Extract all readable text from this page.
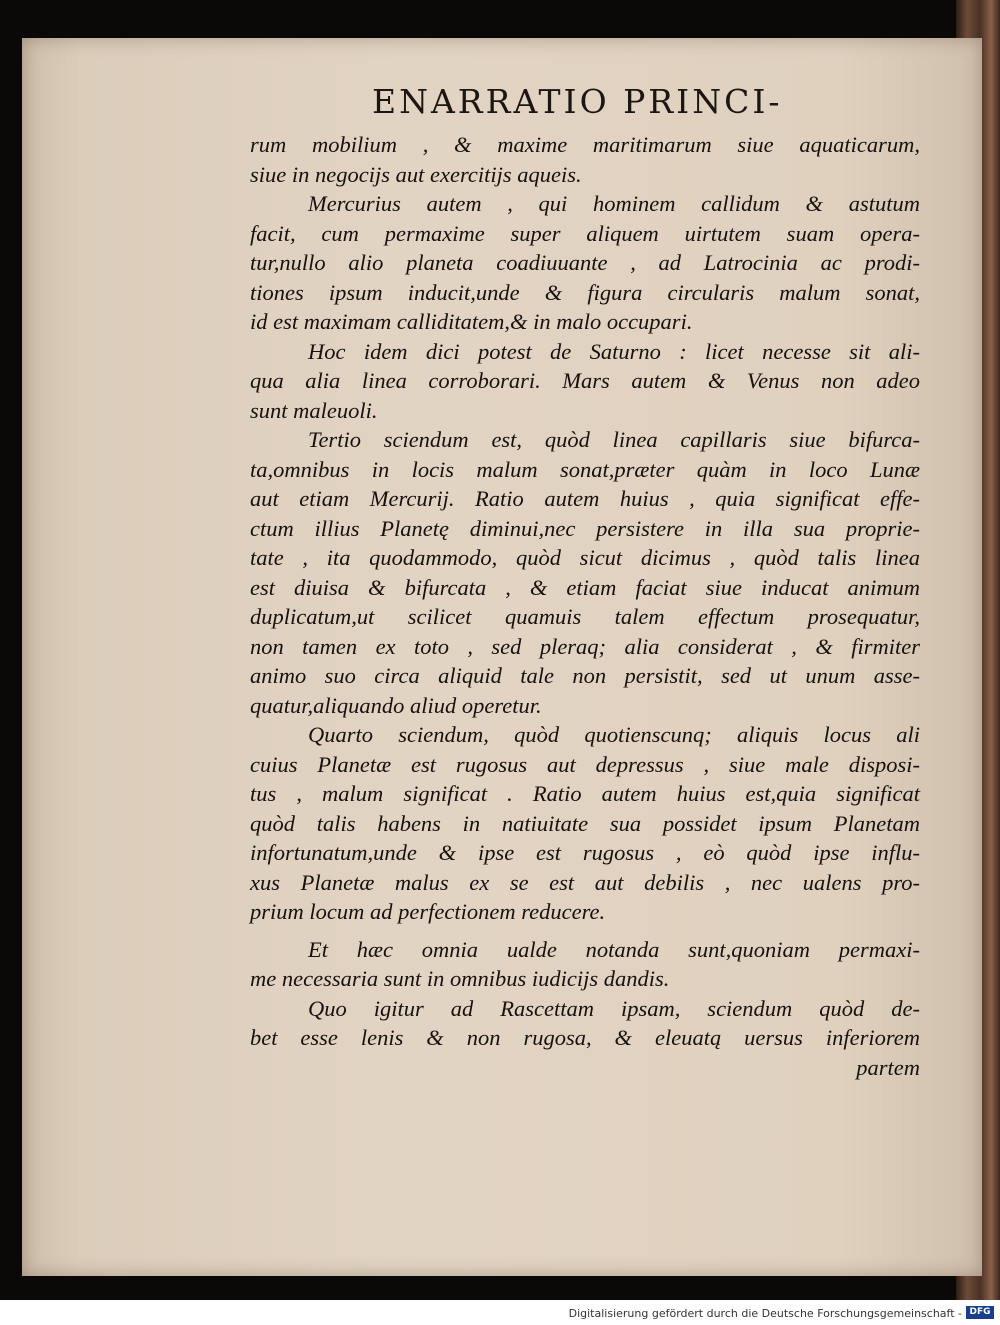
ENARRATIO PRINCI-
rum mobilium , & maxime maritimarum siue aquaticarum,
siue in negocijs aut exercitijs aqueis.
Mercurius autem , qui hominem callidum & astutum
facit, cum permaxime super aliquem uirtutem suam opera-
tur,nullo alio planeta coadiuuante , ad Latrocinia ac prodi-
tiones ipsum inducit,unde & figura circularis malum sonat,
id est maximam calliditatem,& in malo occupari.
Hoc idem dici potest de Saturno : licet necesse sit ali-
qua alia linea corroborari. Mars autem & Venus non adeo
sunt maleuoli.
Tertio sciendum est, quòd linea capillaris siue bifurca-
ta,omnibus in locis malum sonat,præter quàm in loco Lunæ
aut etiam Mercurij. Ratio autem huius , quia significat effe-
ctum illius Planetę diminui,nec persistere in illa sua proprie-
tate , ita quodammodo, quòd sicut dicimus , quòd talis linea
est diuisa & bifurcata , & etiam faciat siue inducat animum
duplicatum,ut scilicet quamuis talem effectum prosequatur,
non tamen ex toto , sed pleraq; alia considerat , & firmiter
animo suo circa aliquid tale non persistit, sed ut unum asse-
quatur,aliquando aliud operetur.
Quarto sciendum, quòd quotienscunq; aliquis locus ali
cuius Planetæ est rugosus aut depressus , siue male disposi-
tus , malum significat . Ratio autem huius est,quia significat
quòd talis habens in natiuitate sua possidet ipsum Planetam
infortunatum,unde & ipse est rugosus , eò quòd ipse influ-
xus Planetæ malus ex se est aut debilis , nec ualens pro-
prium locum ad perfectionem reducere.
Et hæc omnia ualde notanda sunt,quoniam permaxi-
me necessaria sunt in omnibus iudicijs dandis.
Quo igitur ad Rascettam ipsam, sciendum quòd de-
bet esse lenis & non rugosa, & eleuatą uersus inferiorem
partem
Digitalisierung gefördert durch die Deutsche Forschungsgemeinschaft - DFG
